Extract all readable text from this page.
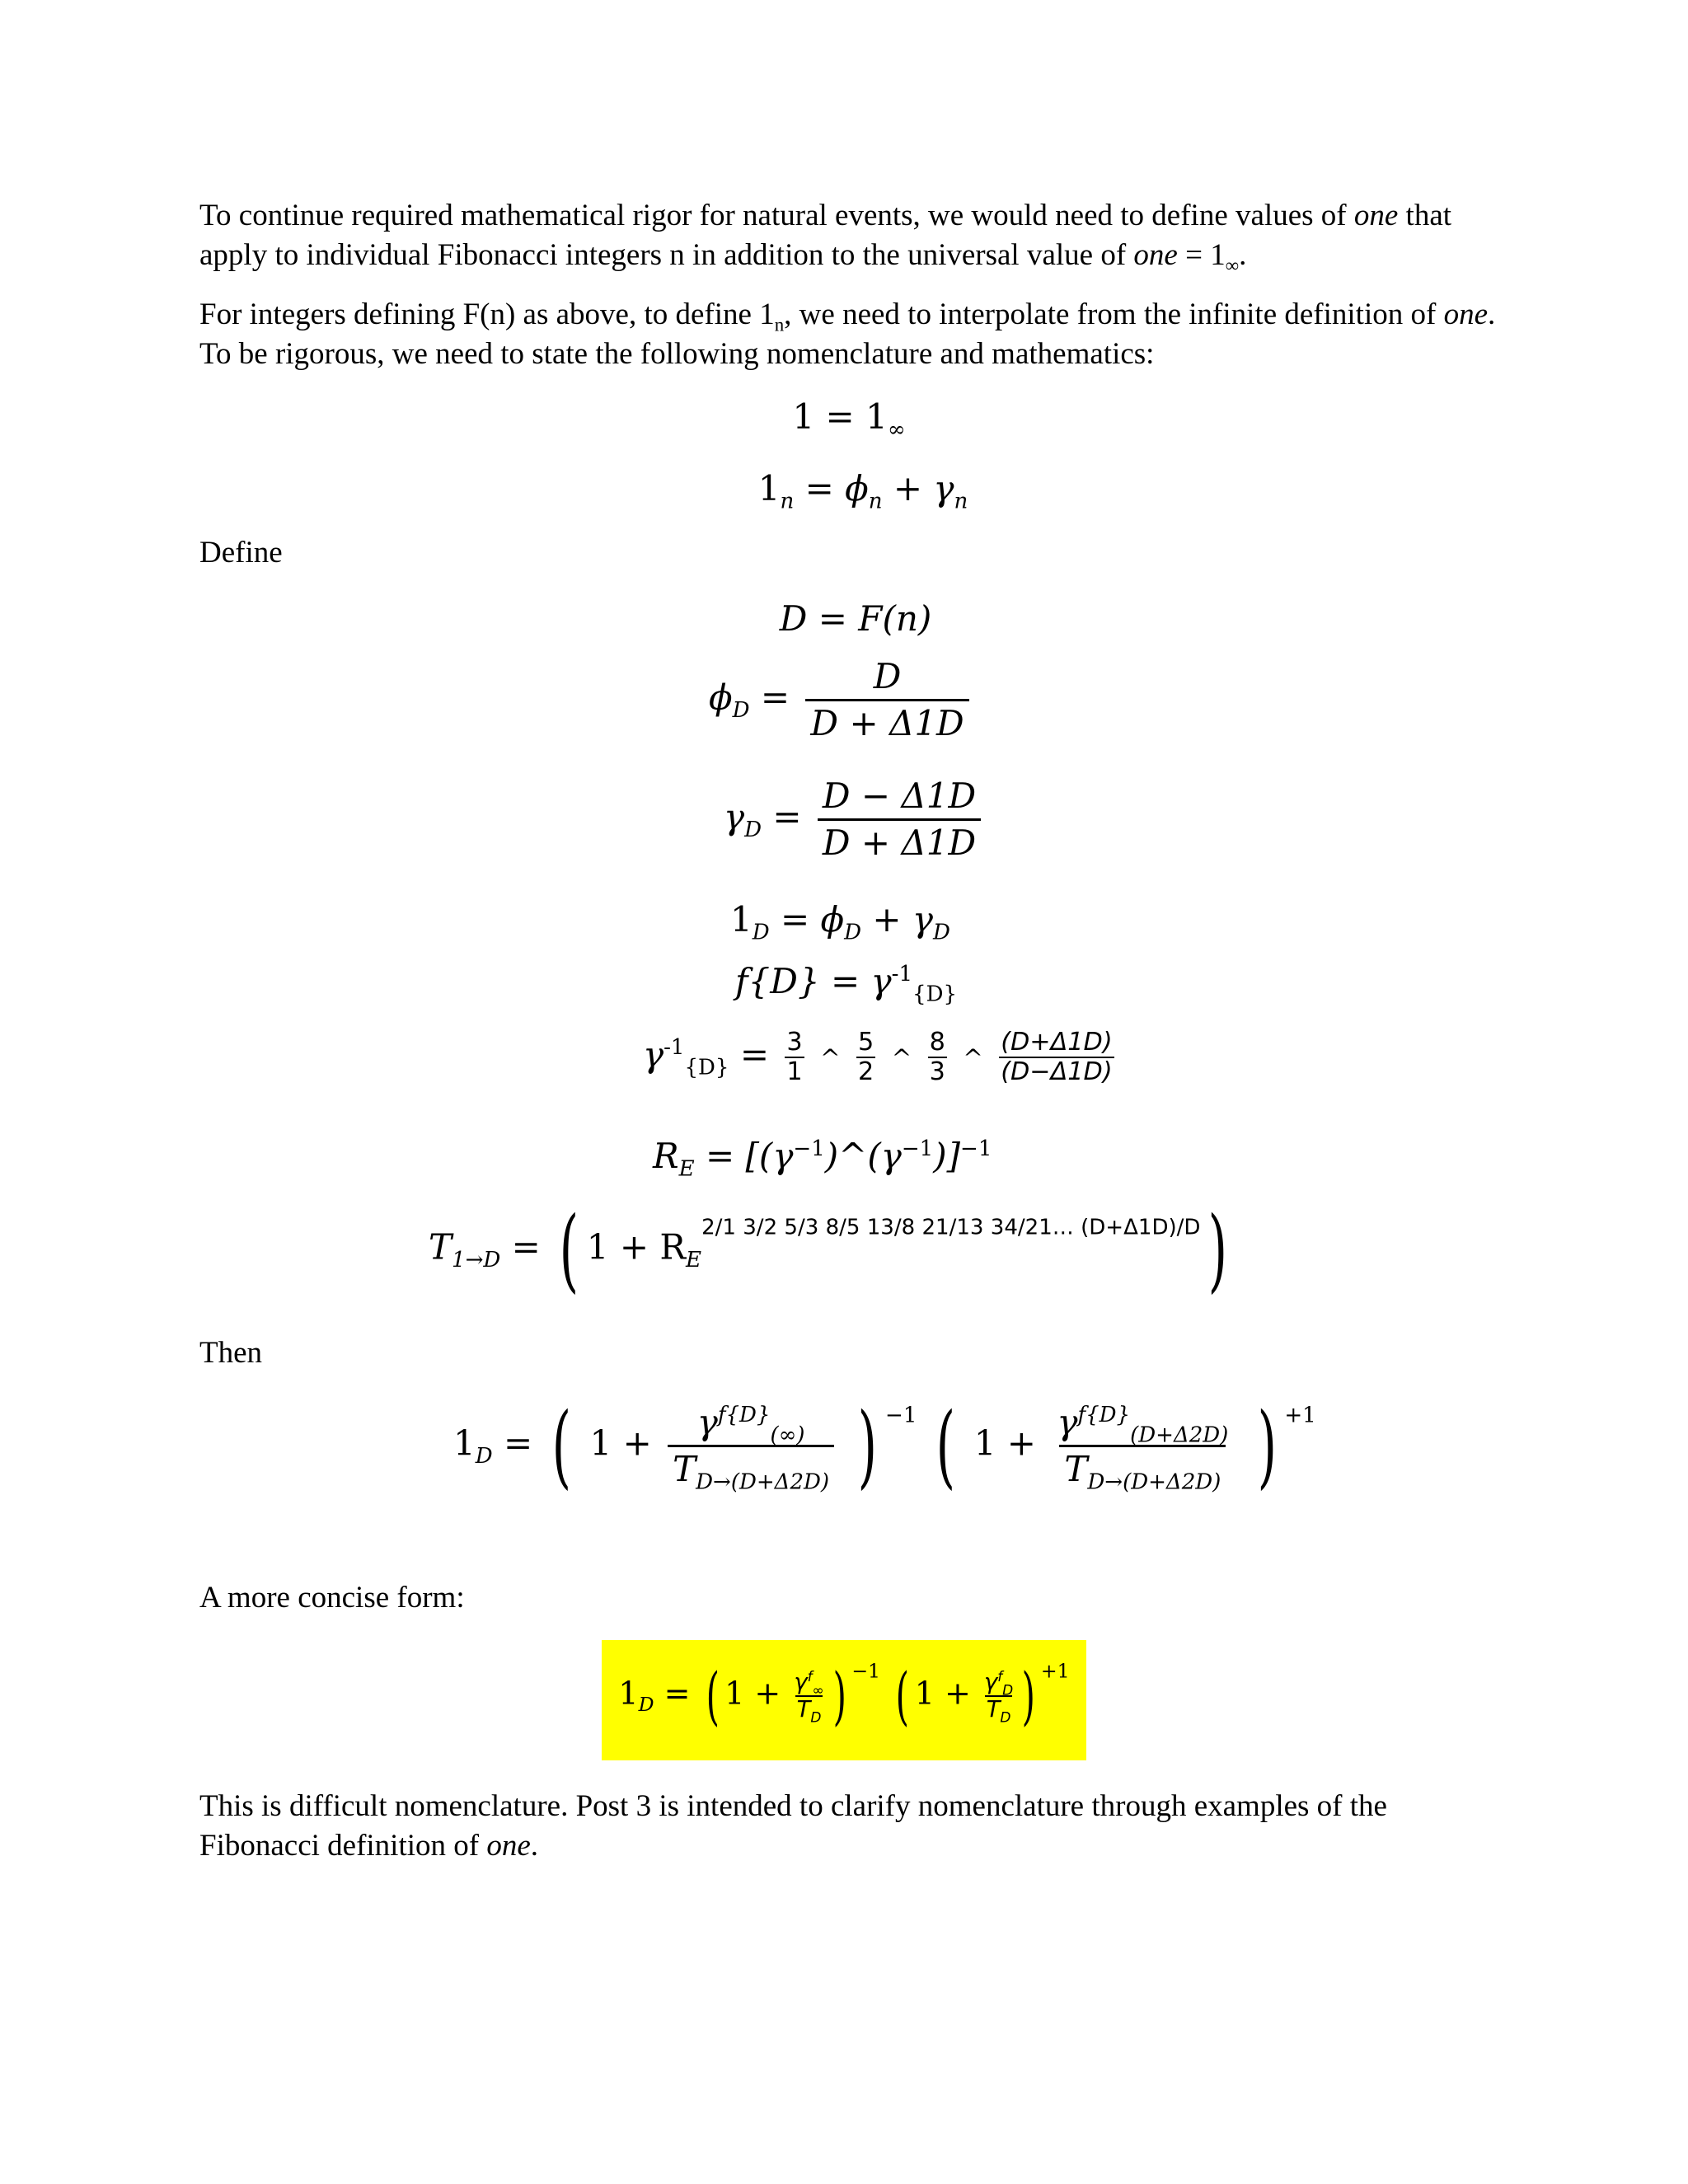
To continue required mathematical rigor for natural events, we would need to define values of one that
apply to individual Fibonacci integers n in addition to the universal value of one = $1_\infty$.
For integers defining F(n) as above, to define $1_n$, we need to interpolate from the infinite definition of one.
To be rigorous, we need to state the following nomenclature and mathematics:
$1 = 1_\infty$
$1_n = \phi_n + \gamma_n$
Define
D = F(n)
$\phi_D = \frac{D}{D + \Delta 1D}$
$\gamma_D = \frac{D - \Delta 1D}{D + \Delta 1D}$
$1_D = \phi_D + \gamma_D$
$f\{D\} = \gamma^{-1}_{\{D\}}$
$\gamma^{-1}_{\{D\}} = \frac{3}{1}$ ^ $\frac{5}{2}$ ^ $\frac{8}{3}$ ^ $\frac{(D+\Delta 1D)}{(D-\Delta 1D)}$
$R_E$ = $[(\gamma^{-1})\^{}(\gamma^{-1})]^{-1}$
$T_{1\to D}$ = ( $1 + R_E^{2/1 3/2 5/3 8/5 13/8 21/13 34/21\dots (D+\Delta 1D)/D}$)
Then
$1_D$ = ( $1 + \frac{\gamma^{f\{D\}}_{(\infty)}}{T_{D\to(D+\Delta 2D)}}$ ) $^{-1}$ ( $1 + \frac{\gamma^{f\{D\}}_{(D+\Delta 2D)}}{T_{D\to(D+\Delta 2D)}}$ ) $^{+1}$
A more concise form:
$1_D$ = ( $1 + \frac{\gamma^f_\infty}{T_D}$ ) $^{-1}$ ( $1 + \frac{\gamma^f_D}{T_D}$ ) $^{+1}$
This is difficult nomenclature. Post 3 is intended to clarify nomenclature through examples of the
Fibonacci definition of one.
